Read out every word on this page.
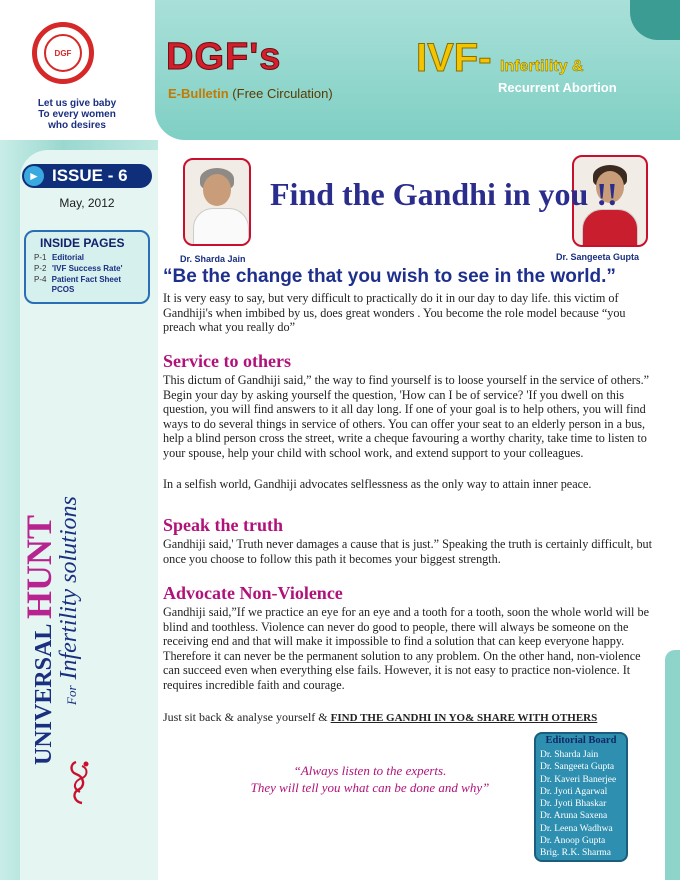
DGF
Let us give baby
To every women
who desires
DGF's
E-Bulletin (Free Circulation)
IVF- Infertility &
Recurrent Abortion
► ISSUE - 6
May, 2012
INSIDE PAGES
P-1 Editorial
P-2 'IVF Success Rate'
P-4 Patient Fact Sheet PCOS
UNIVERSAL HUNT
For Infertility solutions
Dr. Sharda Jain	Dr. Sangeeta Gupta
Find the Gandhi in you !!
“Be the change that you wish to see in the world.”
It is very easy to say, but very difficult to practically do it in our day to day life. this victim of Gandhiji's when imbibed by us, does great wonders . You become the role model because “you preach what you really do”
Service to others
This dictum of Gandhiji said,” the way to find yourself is to loose yourself in the service of others.” Begin your day by asking yourself the question, 'How can I be of service? 'If you dwell on this question, you will find answers to it all day long. If one of your goal is to help others, you will find ways to do several things in service of others. You can offer your seat to an elderly person in a bus, help a blind person cross the street, write a cheque favouring a worthy charity, take time to listen to your spouse, help your child with school work, and extend support to your colleagues.
In a selfish world, Gandhiji advocates selflessness as the only way to attain inner peace.
Speak the truth
Gandhiji said,' Truth never damages a cause that is just.” Speaking the truth is certainly difficult, but once you choose to follow this path it becomes your biggest strength.
Advocate Non-Violence
Gandhiji said,”If we practice an eye for an eye and a tooth for a tooth, soon the whole world will be blind and toothless. Violence can never do good to people, there will always be someone on the receiving end and that will make it impossible to find a solution that can keep everyone happy. Therefore it can never be the permanent solution to any problem. On the other hand, non-violence can succeed even when everything else fails. However, it is not easy to practice non-violence. It requires incredible faith and courage.
Just sit back & analyse yourself & FIND THE GANDHI IN YO& SHARE WITH OTHERS
“Always listen to the experts.
They will tell you what can be done and why”
Editorial Board
Dr. Sharda Jain
Dr. Sangeeta Gupta
Dr. Kaveri Banerjee
Dr. Jyoti Agarwal
Dr. Jyoti Bhaskar
Dr. Aruna Saxena
Dr. Leena Wadhwa
Dr. Anoop Gupta
Brig. R.K. Sharma
